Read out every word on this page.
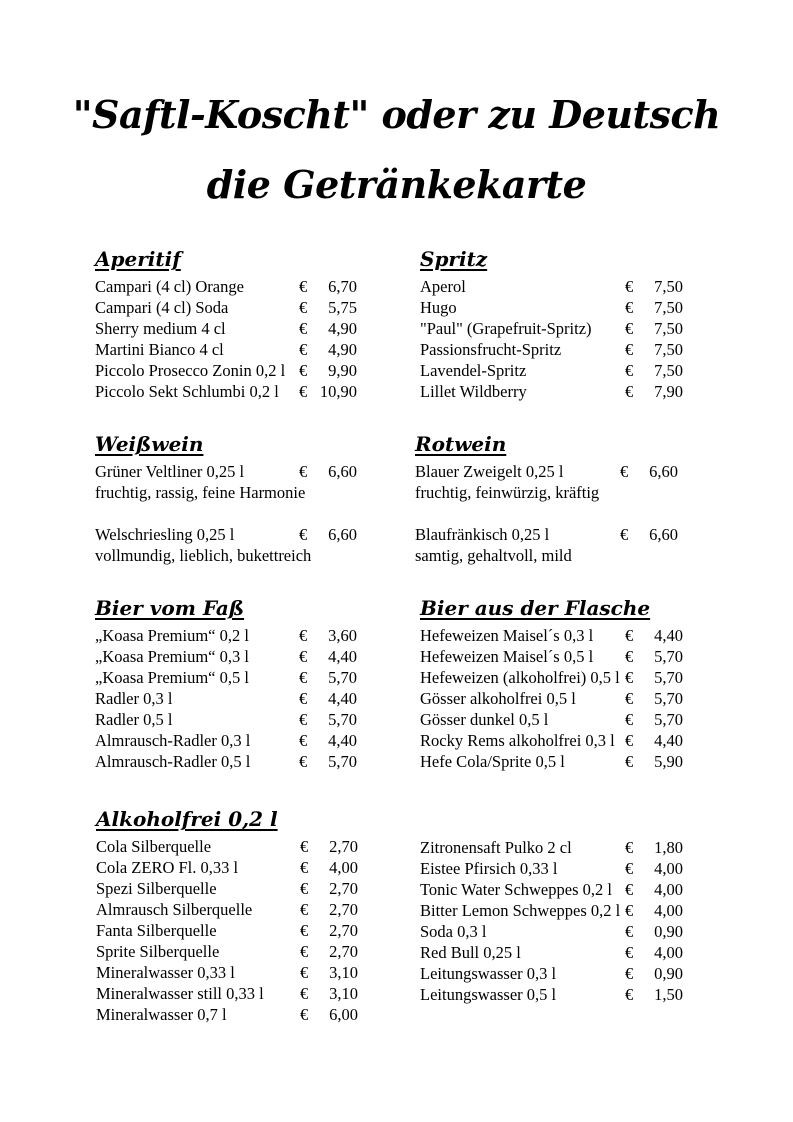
"Saftl-Koscht" oder zu Deutsch
die Getränkekarte
Aperitif
Campari (4 cl) Orange	€	6,70
Campari (4 cl) Soda	€	5,75
Sherry medium 4 cl	€	4,90
Martini Bianco 4 cl	€	4,90
Piccolo Prosecco Zonin 0,2 l €	9,90
Piccolo Sekt Schlumbi 0,2 l € 10,90
Spritz
Aperol	€	7,50
Hugo	€	7,50
"Paul" (Grapefruit-Spritz) €	7,50
Passionsfrucht-Spritz	€	7,50
Lavendel-Spritz	€	7,50
Lillet Wildberry	€	7,90
Weißwein
Grüner Veltliner 0,25 l	€	6,60
fruchtig, rassig, feine Harmonie
Welschriesling 0,25 l	€	6,60
vollmundig, lieblich, bukettreich
Rotwein
Blauer Zweigelt 0,25 l	€	6,60
fruchtig, feinwürzig, kräftig
Blaufränkisch 0,25 l	€	6,60
samtig, gehaltvoll, mild
Bier vom Faß
„Koasa Premium“ 0,2 l	€	3,60
„Koasa Premium“ 0,3 l	€	4,40
„Koasa Premium“ 0,5 l	€	5,70
Radler 0,3 l	€	4,40
Radler 0,5 l	€	5,70
Almrausch-Radler 0,3 l	€	4,40
Almrausch-Radler 0,5 l	€	5,70
Bier aus der Flasche
Hefeweizen Maisel´s 0,3 l €	4,40
Hefeweizen Maisel´s 0,5 l €	5,70
Hefeweizen (alkoholfrei) 0,5 l €	5,70
Gösser alkoholfrei 0,5 l	€	5,70
Gösser dunkel 0,5 l	€	5,70
Rocky Rems alkoholfrei 0,3 l €	4,40
Hefe Cola/Sprite 0,5 l	€	5,90
Alkoholfrei 0,2 l
Cola Silberquelle	€	2,70
Cola ZERO Fl. 0,33 l	€	4,00
Spezi Silberquelle	€	2,70
Almrausch Silberquelle	€	2,70
Fanta Silberquelle	€	2,70
Sprite Silberquelle	€	2,70
Mineralwasser 0,33 l	€	3,10
Mineralwasser still 0,33 l €	3,10
Mineralwasser 0,7 l	€	6,00
Zitronensaft Pulko 2 cl	€	1,80
Eistee Pfirsich 0,33 l	€	4,00
Tonic Water Schweppes 0,2 l €	4,00
Bitter Lemon Schweppes 0,2 l €	4,00
Soda 0,3 l	€	0,90
Red Bull 0,25 l	€	4,00
Leitungswasser 0,3 l	€	0,90
Leitungswasser 0,5 l	€	1,50
